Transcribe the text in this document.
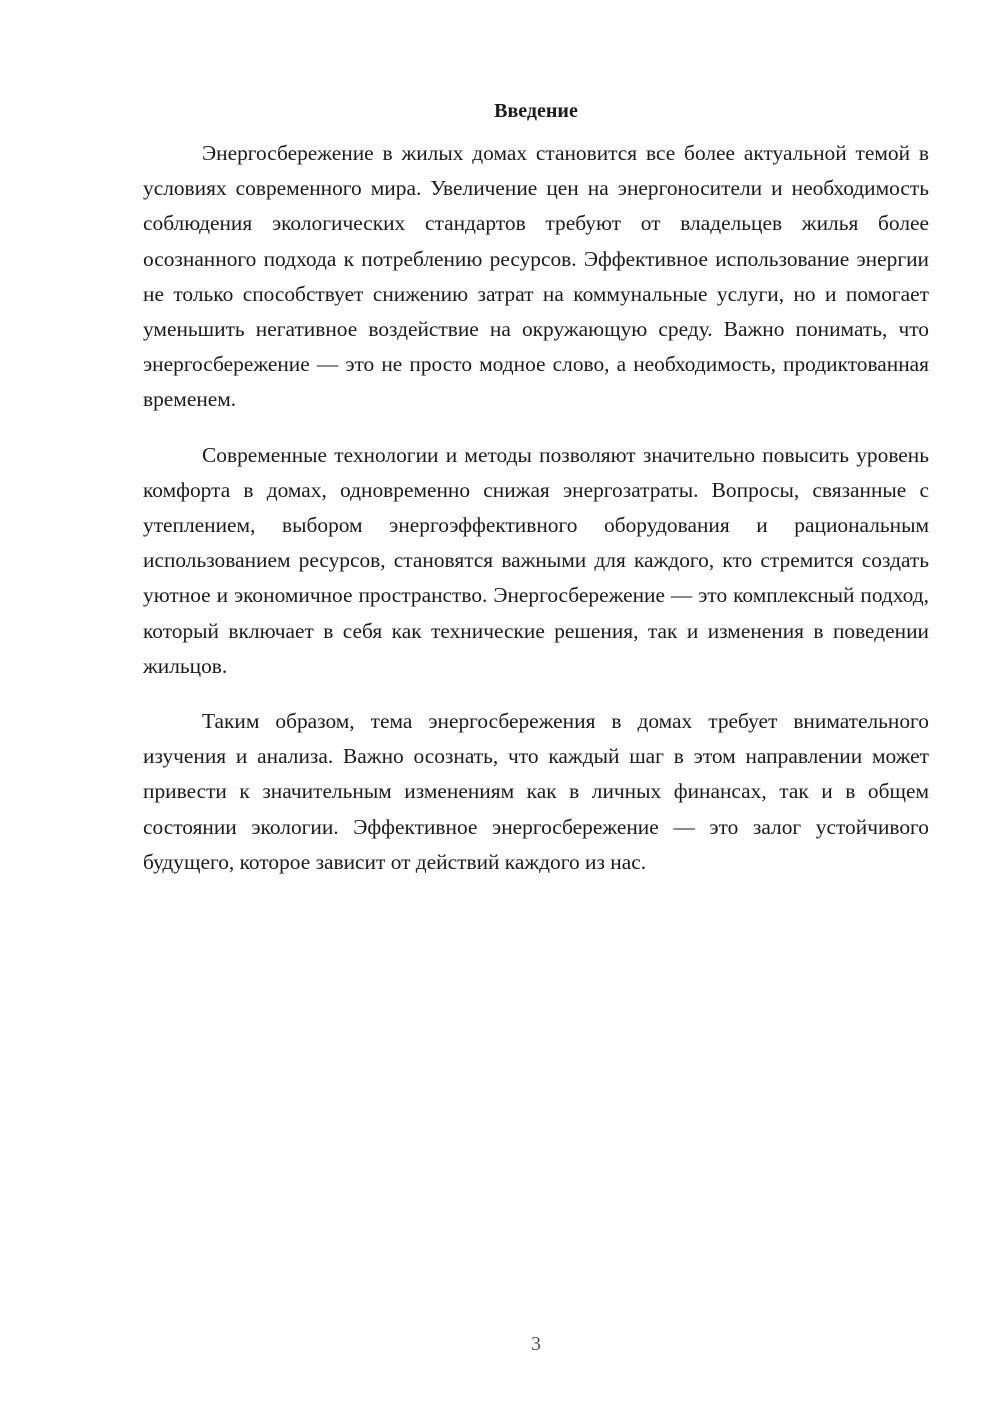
Введение

Энергосбережение в жилых домах становится все более актуальной темой в условиях современного мира. Увеличение цен на энергоносители и необходимость соблюдения экологических стандартов требуют от владельцев жилья более осознанного подхода к потреблению ресурсов. Эффективное использование энергии не только способствует снижению затрат на коммунальные услуги, но и помогает уменьшить негативное воздействие на окружающую среду. Важно понимать, что энергосбережение — это не просто модное слово, а необходимость, продиктованная временем.

Современные технологии и методы позволяют значительно повысить уровень комфорта в домах, одновременно снижая энергозатраты. Вопросы, связанные с утеплением, выбором энергоэффективного оборудования и рациональным использованием ресурсов, становятся важными для каждого, кто стремится создать уютное и экономичное пространство. Энергосбережение — это комплексный подход, который включает в себя как технические решения, так и изменения в поведении жильцов.

Таким образом, тема энергосбережения в домах требует внимательного изучения и анализа. Важно осознать, что каждый шаг в этом направлении может привести к значительным изменениям как в личных финансах, так и в общем состоянии экологии. Эффективное энергосбережение — это залог устойчивого будущего, которое зависит от действий каждого из нас.

3
